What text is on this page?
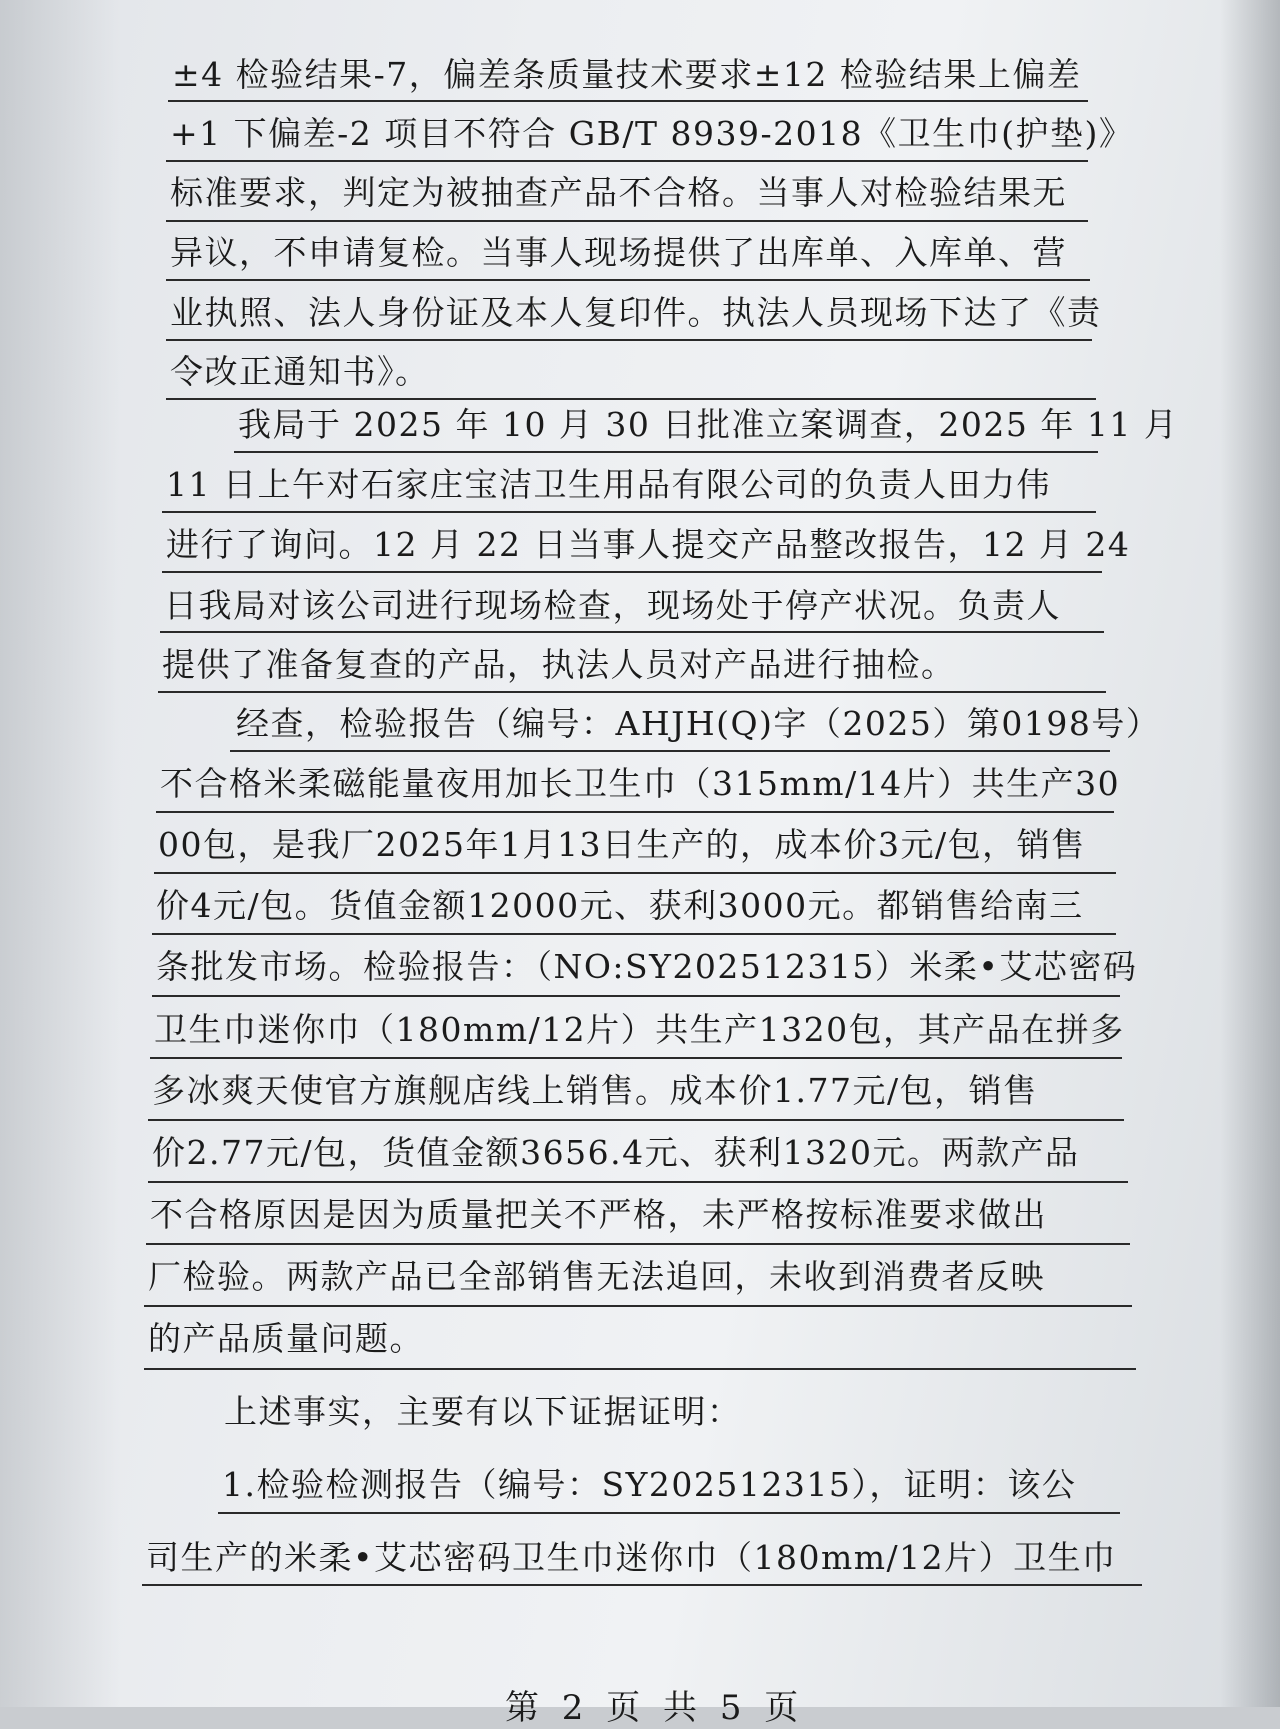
±4 检验结果-7，偏差条质量技术要求±12 检验结果上偏差
+1 下偏差-2 项目不符合 GB/T 8939-2018《卫生巾(护垫)》
标准要求，判定为被抽查产品不合格。当事人对检验结果无
异议，不申请复检。当事人现场提供了出库单、入库单、营
业执照、法人身份证及本人复印件。执法人员现场下达了《责
令改正通知书》。
我局于 2025 年 10 月 30 日批准立案调查，2025 年 11 月
11 日上午对石家庄宝洁卫生用品有限公司的负责人田力伟
进行了询问。12 月 22 日当事人提交产品整改报告，12 月 24
日我局对该公司进行现场检查，现场处于停产状况。负责人
提供了准备复查的产品，执法人员对产品进行抽检。
经查，检验报告（编号：AHJH(Q)字（2025）第0198号）
不合格米柔磁能量夜用加长卫生巾（315mm/14片）共生产30
00包，是我厂2025年1月13日生产的，成本价3元/包，销售
价4元/包。货值金额12000元、获利3000元。都销售给南三
条批发市场。检验报告：（NO:SY202512315）米柔•艾芯密码
卫生巾迷你巾（180mm/12片）共生产1320包，其产品在拼多
多冰爽天使官方旗舰店线上销售。成本价1.77元/包，销售
价2.77元/包，货值金额3656.4元、获利1320元。两款产品
不合格原因是因为质量把关不严格，未严格按标准要求做出
厂检验。两款产品已全部销售无法追回，未收到消费者反映
的产品质量问题。
上述事实，主要有以下证据证明：
1.检验检测报告（编号：SY202512315），证明：该公
司生产的米柔•艾芯密码卫生巾迷你巾（180mm/12片）卫生巾
第 2 页 共 5 页
